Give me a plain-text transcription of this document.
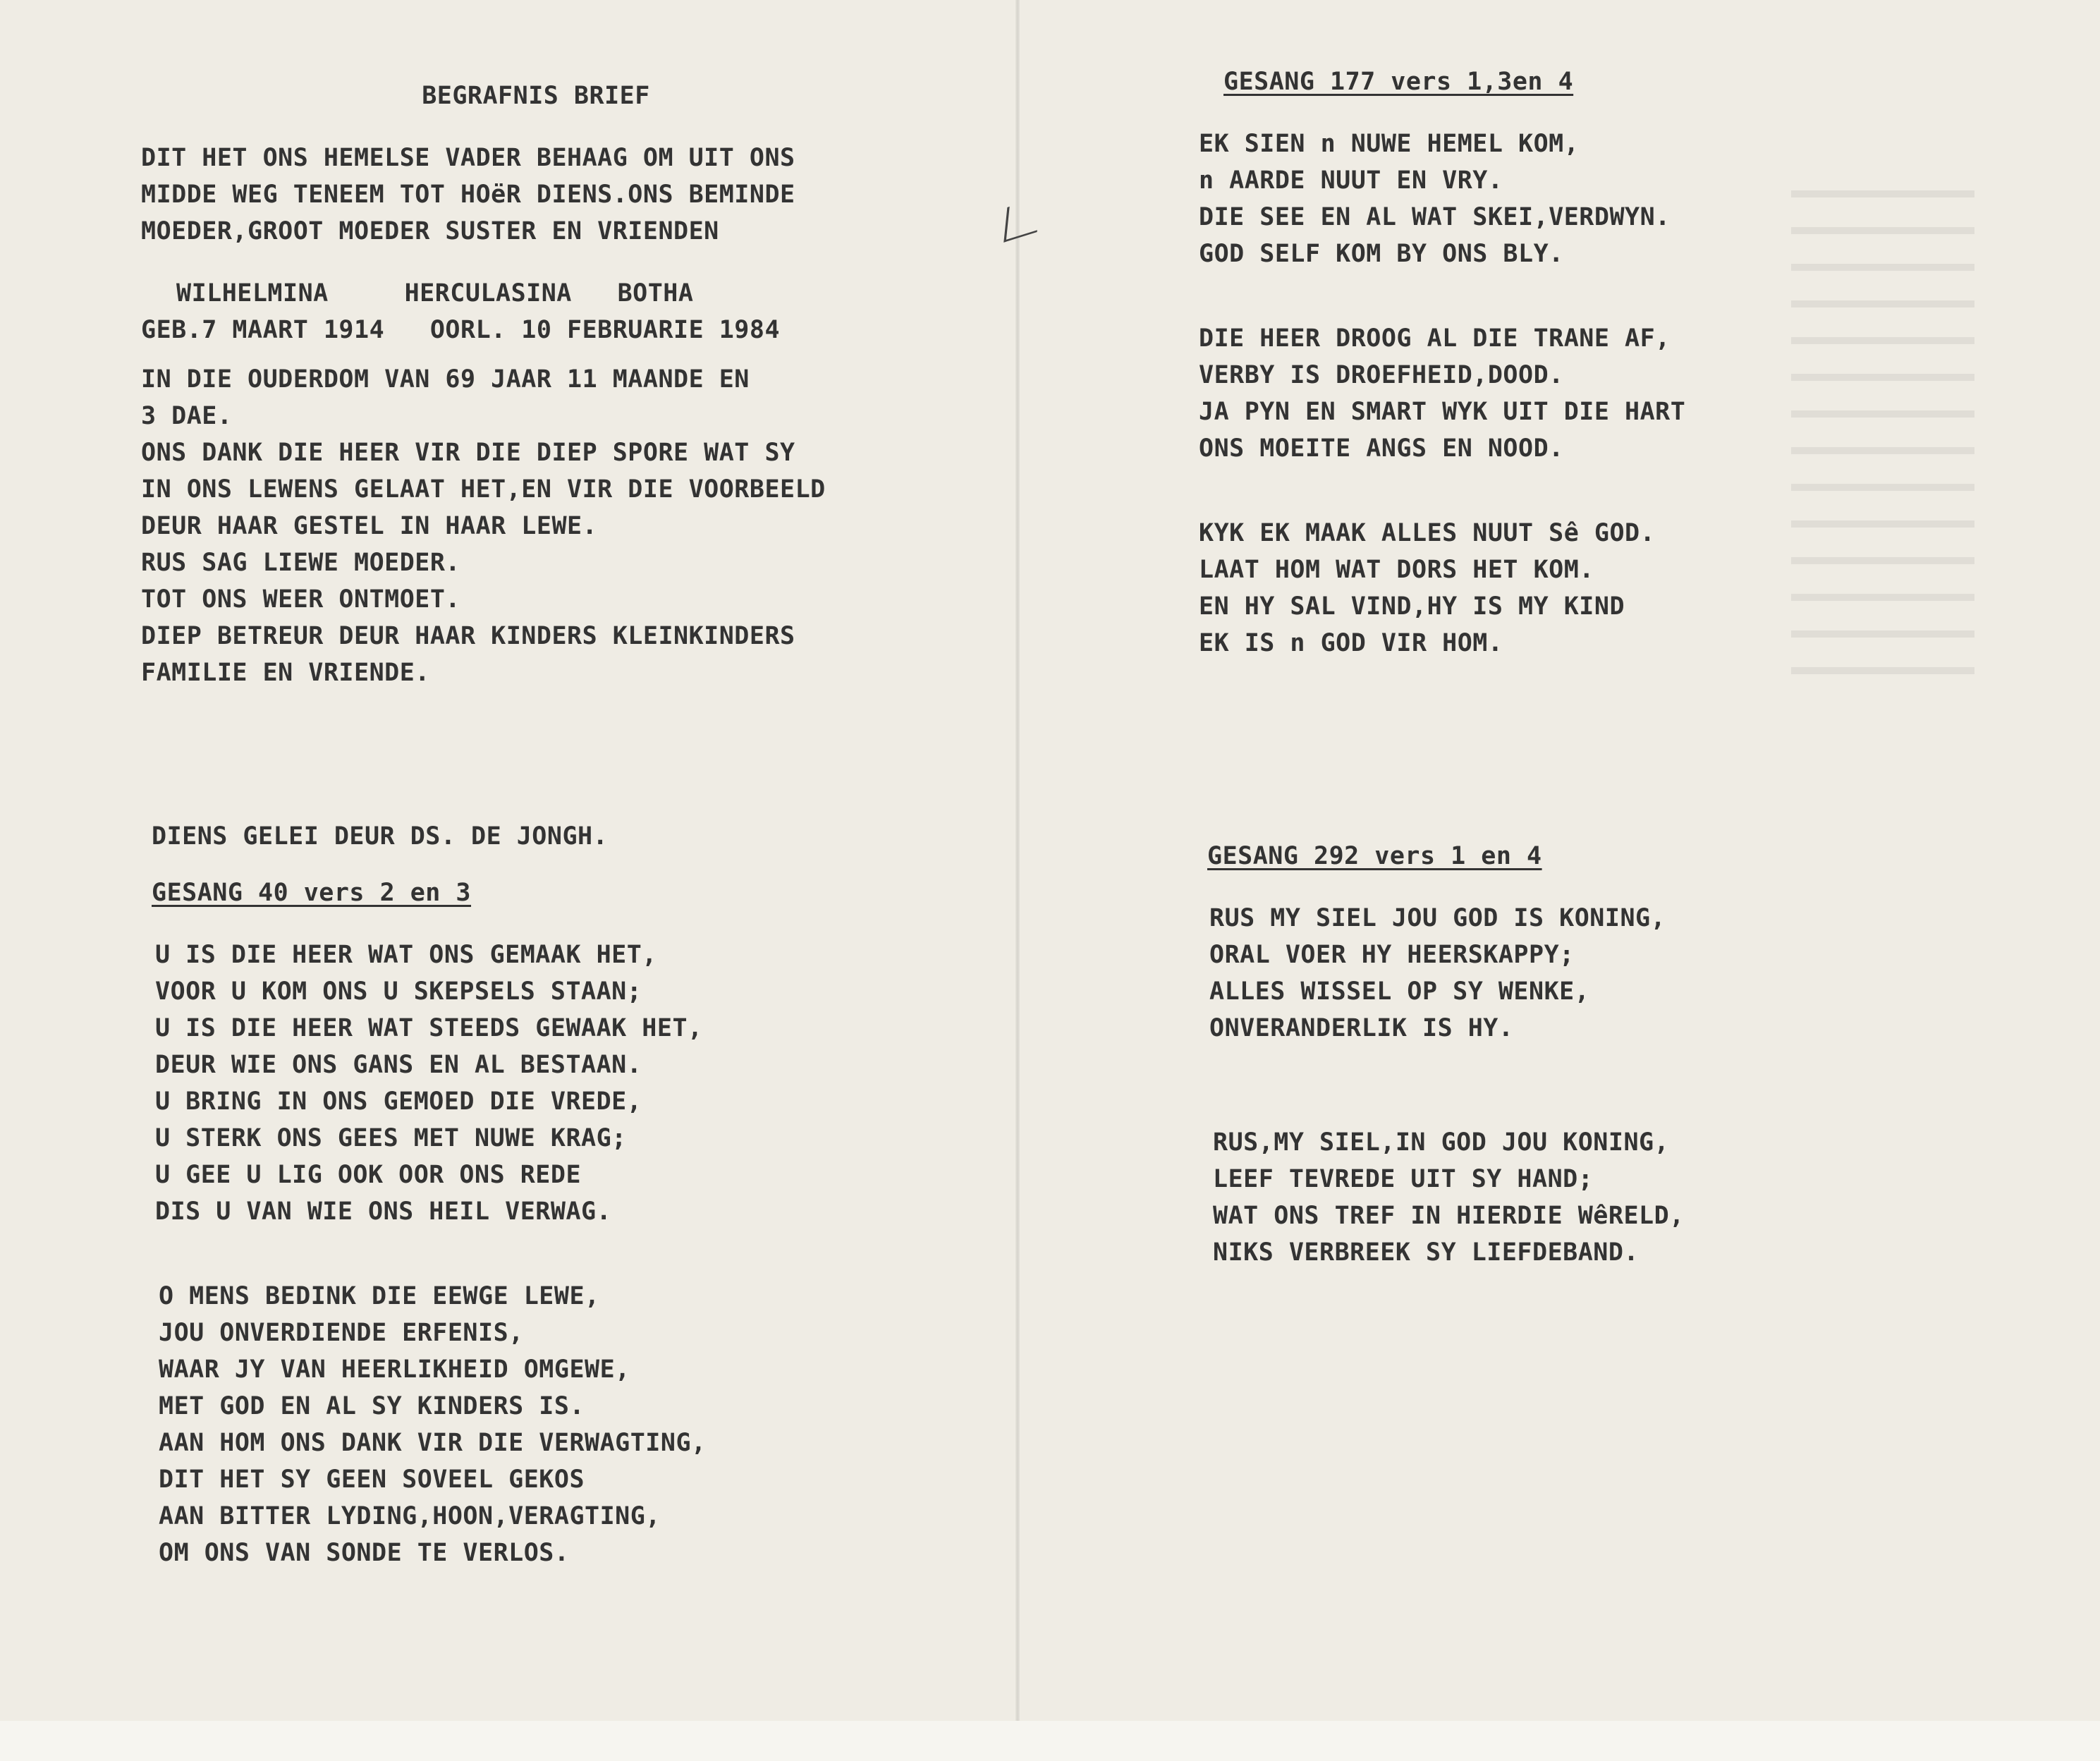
BEGRAFNIS BRIEF
DIT HET ONS HEMELSE VADER BEHAAG OM UIT ONS
MIDDE WEG TENEEM TOT HOëR DIENS.ONS BEMINDE
MOEDER,GROOT MOEDER SUSTER EN VRIENDEN
WILHELMINA     HERCULASINA   BOTHA
GEB.7 MAART 1914   OORL. 10 FEBRUARIE 1984
IN DIE OUDERDOM VAN 69 JAAR 11 MAANDE EN
3 DAE.
ONS DANK DIE HEER VIR DIE DIEP SPORE WAT SY
IN ONS LEWENS GELAAT HET,EN VIR DIE VOORBEELD
DEUR HAAR GESTEL IN HAAR LEWE.
RUS SAG LIEWE MOEDER.
TOT ONS WEER ONTMOET.
DIEP BETREUR DEUR HAAR KINDERS KLEINKINDERS
FAMILIE EN VRIENDE.
DIENS GELEI DEUR DS. DE JONGH.
GESANG 40 vers 2 en 3
U IS DIE HEER WAT ONS GEMAAK HET,
VOOR U KOM ONS U SKEPSELS STAAN;
U IS DIE HEER WAT STEEDS GEWAAK HET,
DEUR WIE ONS GANS EN AL BESTAAN.
U BRING IN ONS GEMOED DIE VREDE,
U STERK ONS GEES MET NUWE KRAG;
U GEE U LIG OOK OOR ONS REDE
DIS U VAN WIE ONS HEIL VERWAG.
O MENS BEDINK DIE EEWGE LEWE,
JOU ONVERDIENDE ERFENIS,
WAAR JY VAN HEERLIKHEID OMGEWE,
MET GOD EN AL SY KINDERS IS.
AAN HOM ONS DANK VIR DIE VERWAGTING,
DIT HET SY GEEN SOVEEL GEKOS
AAN BITTER LYDING,HOON,VERAGTING,
OM ONS VAN SONDE TE VERLOS.
GESANG 177 vers 1,3en 4
EK SIEN n NUWE HEMEL KOM,
n AARDE NUUT EN VRY.
DIE SEE EN AL WAT SKEI,VERDWYN.
GOD SELF KOM BY ONS BLY.
DIE HEER DROOG AL DIE TRANE AF,
VERBY IS DROEFHEID,DOOD.
JA PYN EN SMART WYK UIT DIE HART
ONS MOEITE ANGS EN NOOD.
KYK EK MAAK ALLES NUUT Sê GOD.
LAAT HOM WAT DORS HET KOM.
EN HY SAL VIND,HY IS MY KIND
EK IS n GOD VIR HOM.
GESANG 292 vers 1 en 4
RUS MY SIEL JOU GOD IS KONING,
ORAL VOER HY HEERSKAPPY;
ALLES WISSEL OP SY WENKE,
ONVERANDERLIK IS HY.
RUS,MY SIEL,IN GOD JOU KONING,
LEEF TEVREDE UIT SY HAND;
WAT ONS TREF IN HIERDIE WêRELD,
NIKS VERBREEK SY LIEFDEBAND.
